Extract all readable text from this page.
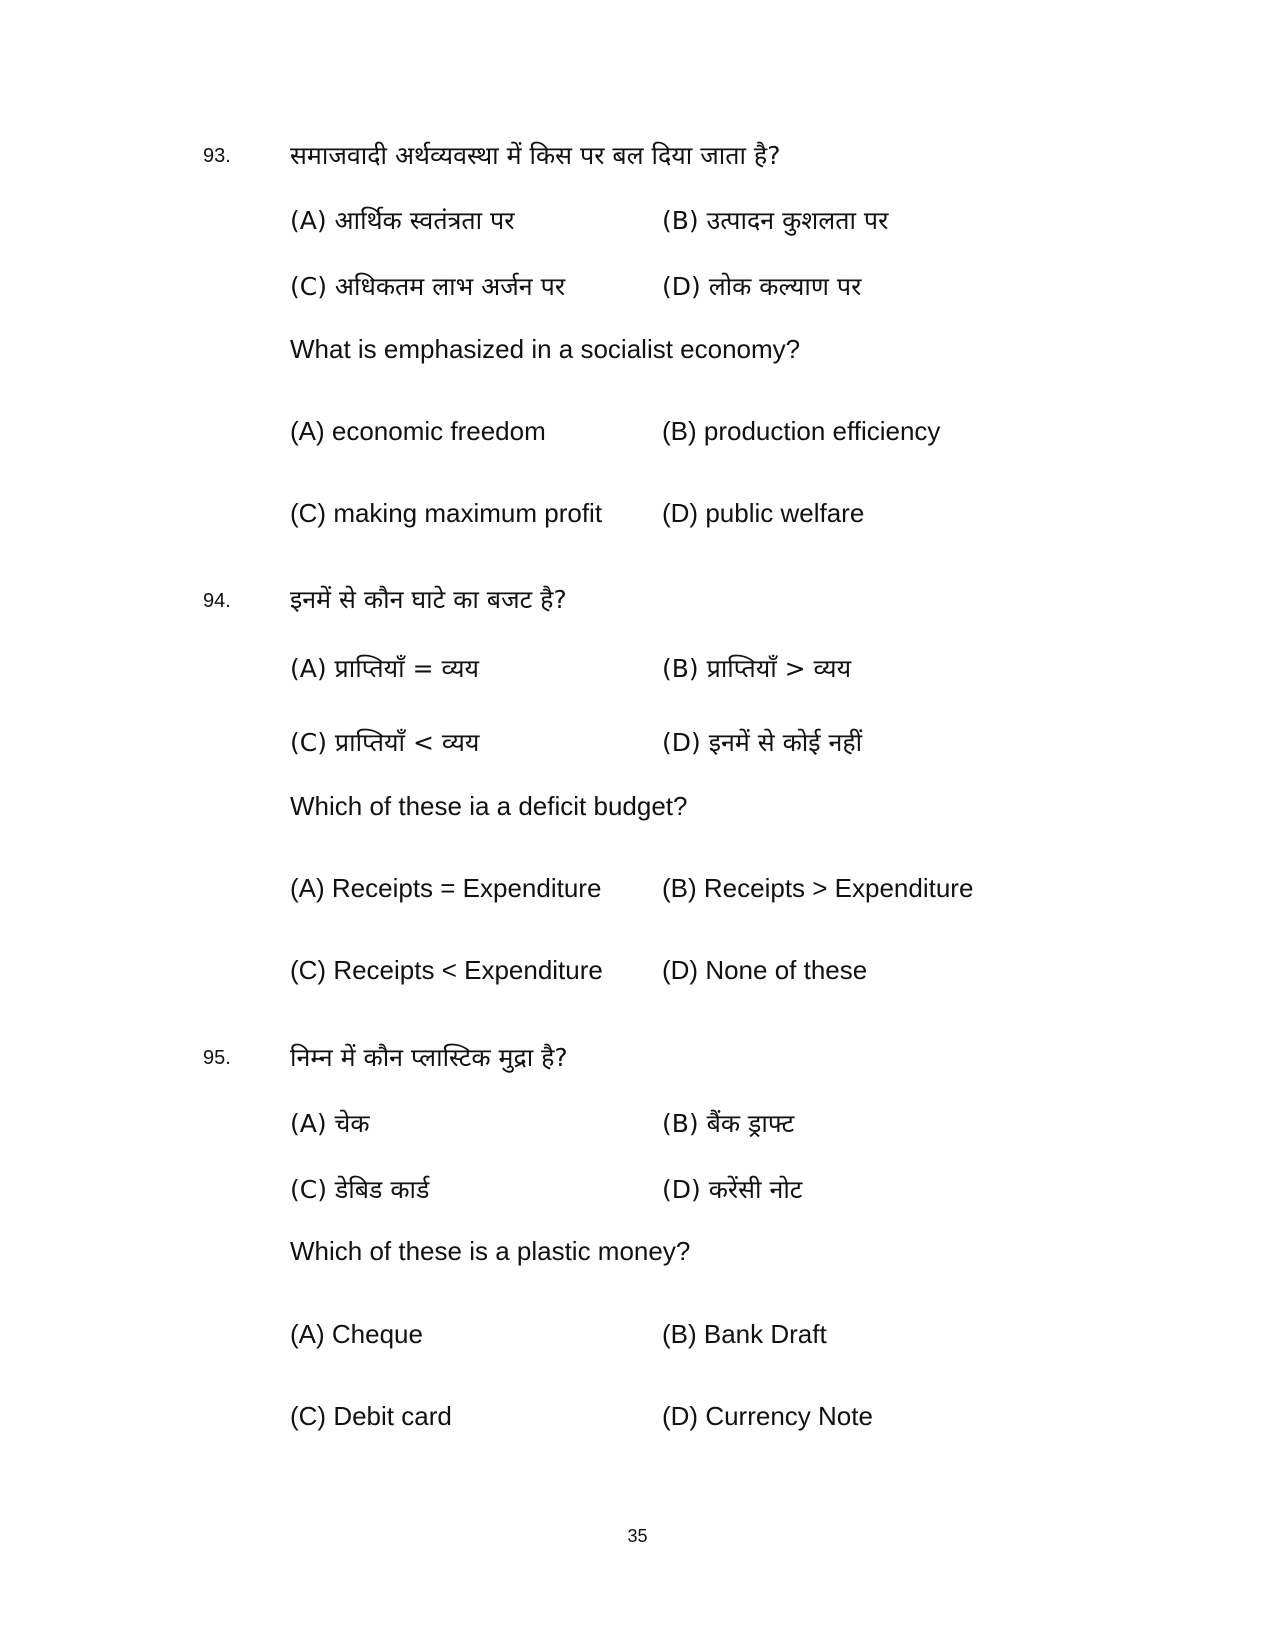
93. समाजवादी अर्थव्यवस्था में किस पर बल दिया जाता है?
(A) आर्थिक स्वतंत्रता पर	(B) उत्पादन कुशलता पर
(C) अधिकतम लाभ अर्जन पर	(D) लोक कल्याण पर
What is emphasized in a socialist economy?
(A) economic freedom	(B) production efficiency
(C) making maximum profit (D) public welfare
94. इनमें से कौन घाटे का बजट है?
(A) प्राप्तियाँ = व्यय	(B) प्राप्तियाँ > व्यय
(C) प्राप्तियाँ < व्यय	(D) इनमें से कोई नहीं
Which of these ia a deficit budget?
(A) Receipts = Expenditure (B) Receipts > Expenditure
(C) Receipts < Expenditure (D) None of these
95. निम्न में कौन प्लास्टिक मुद्रा है?
(A) चेक	(B) बैंक ड्राफ्ट
(C) डेबिड कार्ड	(D) करेंसी नोट
Which of these is a plastic money?
(A) Cheque	(B) Bank Draft
(C) Debit card	(D) Currency Note
35
